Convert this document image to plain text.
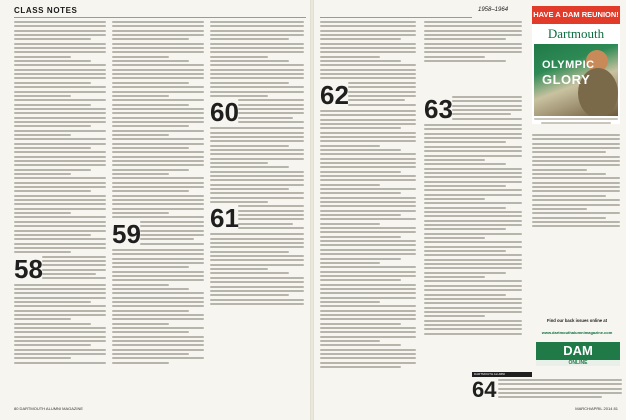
CLASS NOTES	1958–1964
58
59
60
61
62	63
HAVE A DAM REUNION!
Dartmouth
OLYMPIC
GLORY
Find our back issues online at
www.dartmouthalumnimagazine.com
DAM
ONLINE
DARTMOUTH ALUMNI
64
80 DARTMOUTH ALUMNI MAGAZINE	MARCH/APRIL 2014 81
